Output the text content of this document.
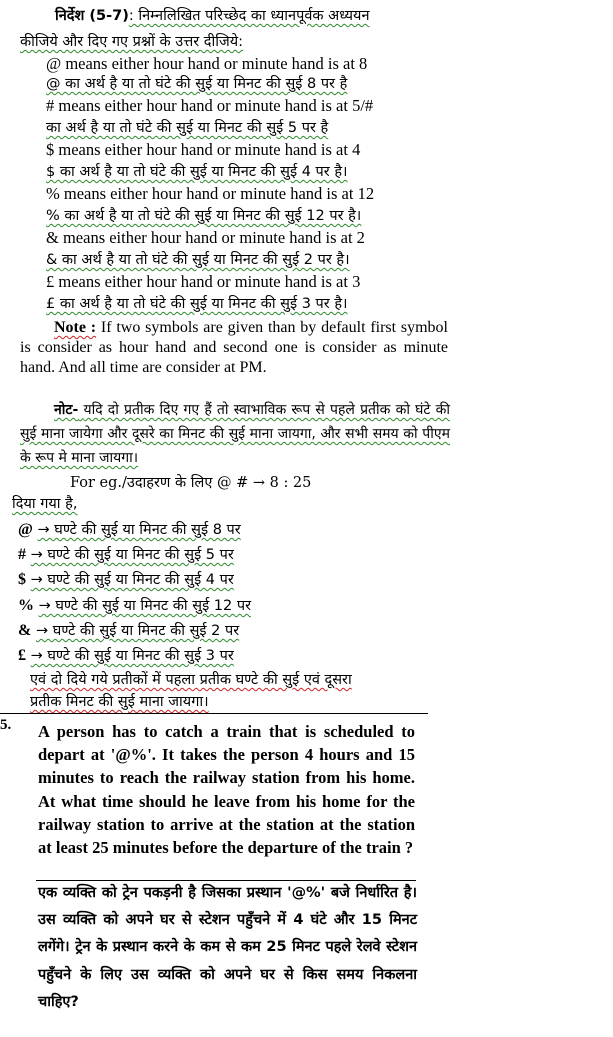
निर्देश (5-7): निम्नलिखित परिच्छेद का ध्यानपूर्वक अध्ययन
कीजिये और दिए गए प्रश्नों के उत्तर दीजिये:
@ means either hour hand or minute hand is at 8
@ का अर्थ है या तो घंटे की सुई या मिनट की सुई 8 पर है
# means either hour hand or minute hand is at 5/#
का अर्थ है या तो घंटे की सुई या मिनट की सुई 5 पर है
$ means either hour hand or minute hand is at 4
$ का अर्थ है या तो घंटे की सुई या मिनट की सुई 4 पर है।
% means either hour hand or minute hand is at 12
% का अर्थ है या तो घंटे की सुई या मिनट की सुई 12 पर है।
& means either hour hand or minute hand is at 2
& का अर्थ है या तो घंटे की सुई या मिनट की सुई 2 पर है।
£ means either hour hand or minute hand is at 3
£ का अर्थ है या तो घंटे की सुई या मिनट की सुई 3 पर है।
Note : If two symbols are given than by default first symbol is consider as hour hand and second one is consider as minute hand. And all time are consider at PM.
नोट- यदि दो प्रतीक दिए गए हैं तो स्वाभाविक रूप से पहले प्रतीक को घंटे की सुई माना जायेगा और दूसरे का मिनट की सुई माना जायगा, और सभी समय को पीएम के रूप मे माना जायगा।
For eg./उदाहरण के लिए @ # → 8 : 25
दिया गया है,
@ → घण्टे की सुई या मिनट की सुई 8 पर
# → घण्टे की सुई या मिनट की सुई 5 पर
$ → घण्टे की सुई या मिनट की सुई 4 पर
% → घण्टे की सुई या मिनट की सुई 12 पर
& → घण्टे की सुई या मिनट की सुई 2 पर
£ → घण्टे की सुई या मिनट की सुई 3 पर
एवं दो दिये गये प्रतीकों में पहला प्रतीक घण्टे की सुई एवं दूसरा
प्रतीक मिनट की सुई माना जायगा।
5. A person has to catch a train that is scheduled to depart at '@%'. It takes the person 4 hours and 15 minutes to reach the railway station from his home. At what time should he leave from his home for the railway station to arrive at the station at the station at least 25 minutes before the departure of the train ?
एक व्यक्ति को ट्रेन पकड़नी है जिसका प्रस्थान '@%' बजे निर्धारित है। उस व्यक्ति को अपने घर से स्टेशन पहुँचने में 4 घंटे और 15 मिनट लगेंगे। ट्रेन के प्रस्थान करने के कम से कम 25 मिनट पहले रेलवे स्टेशन पहुँचने के लिए उस व्यक्ति को अपने घर से किस समय निकलना चाहिए?
